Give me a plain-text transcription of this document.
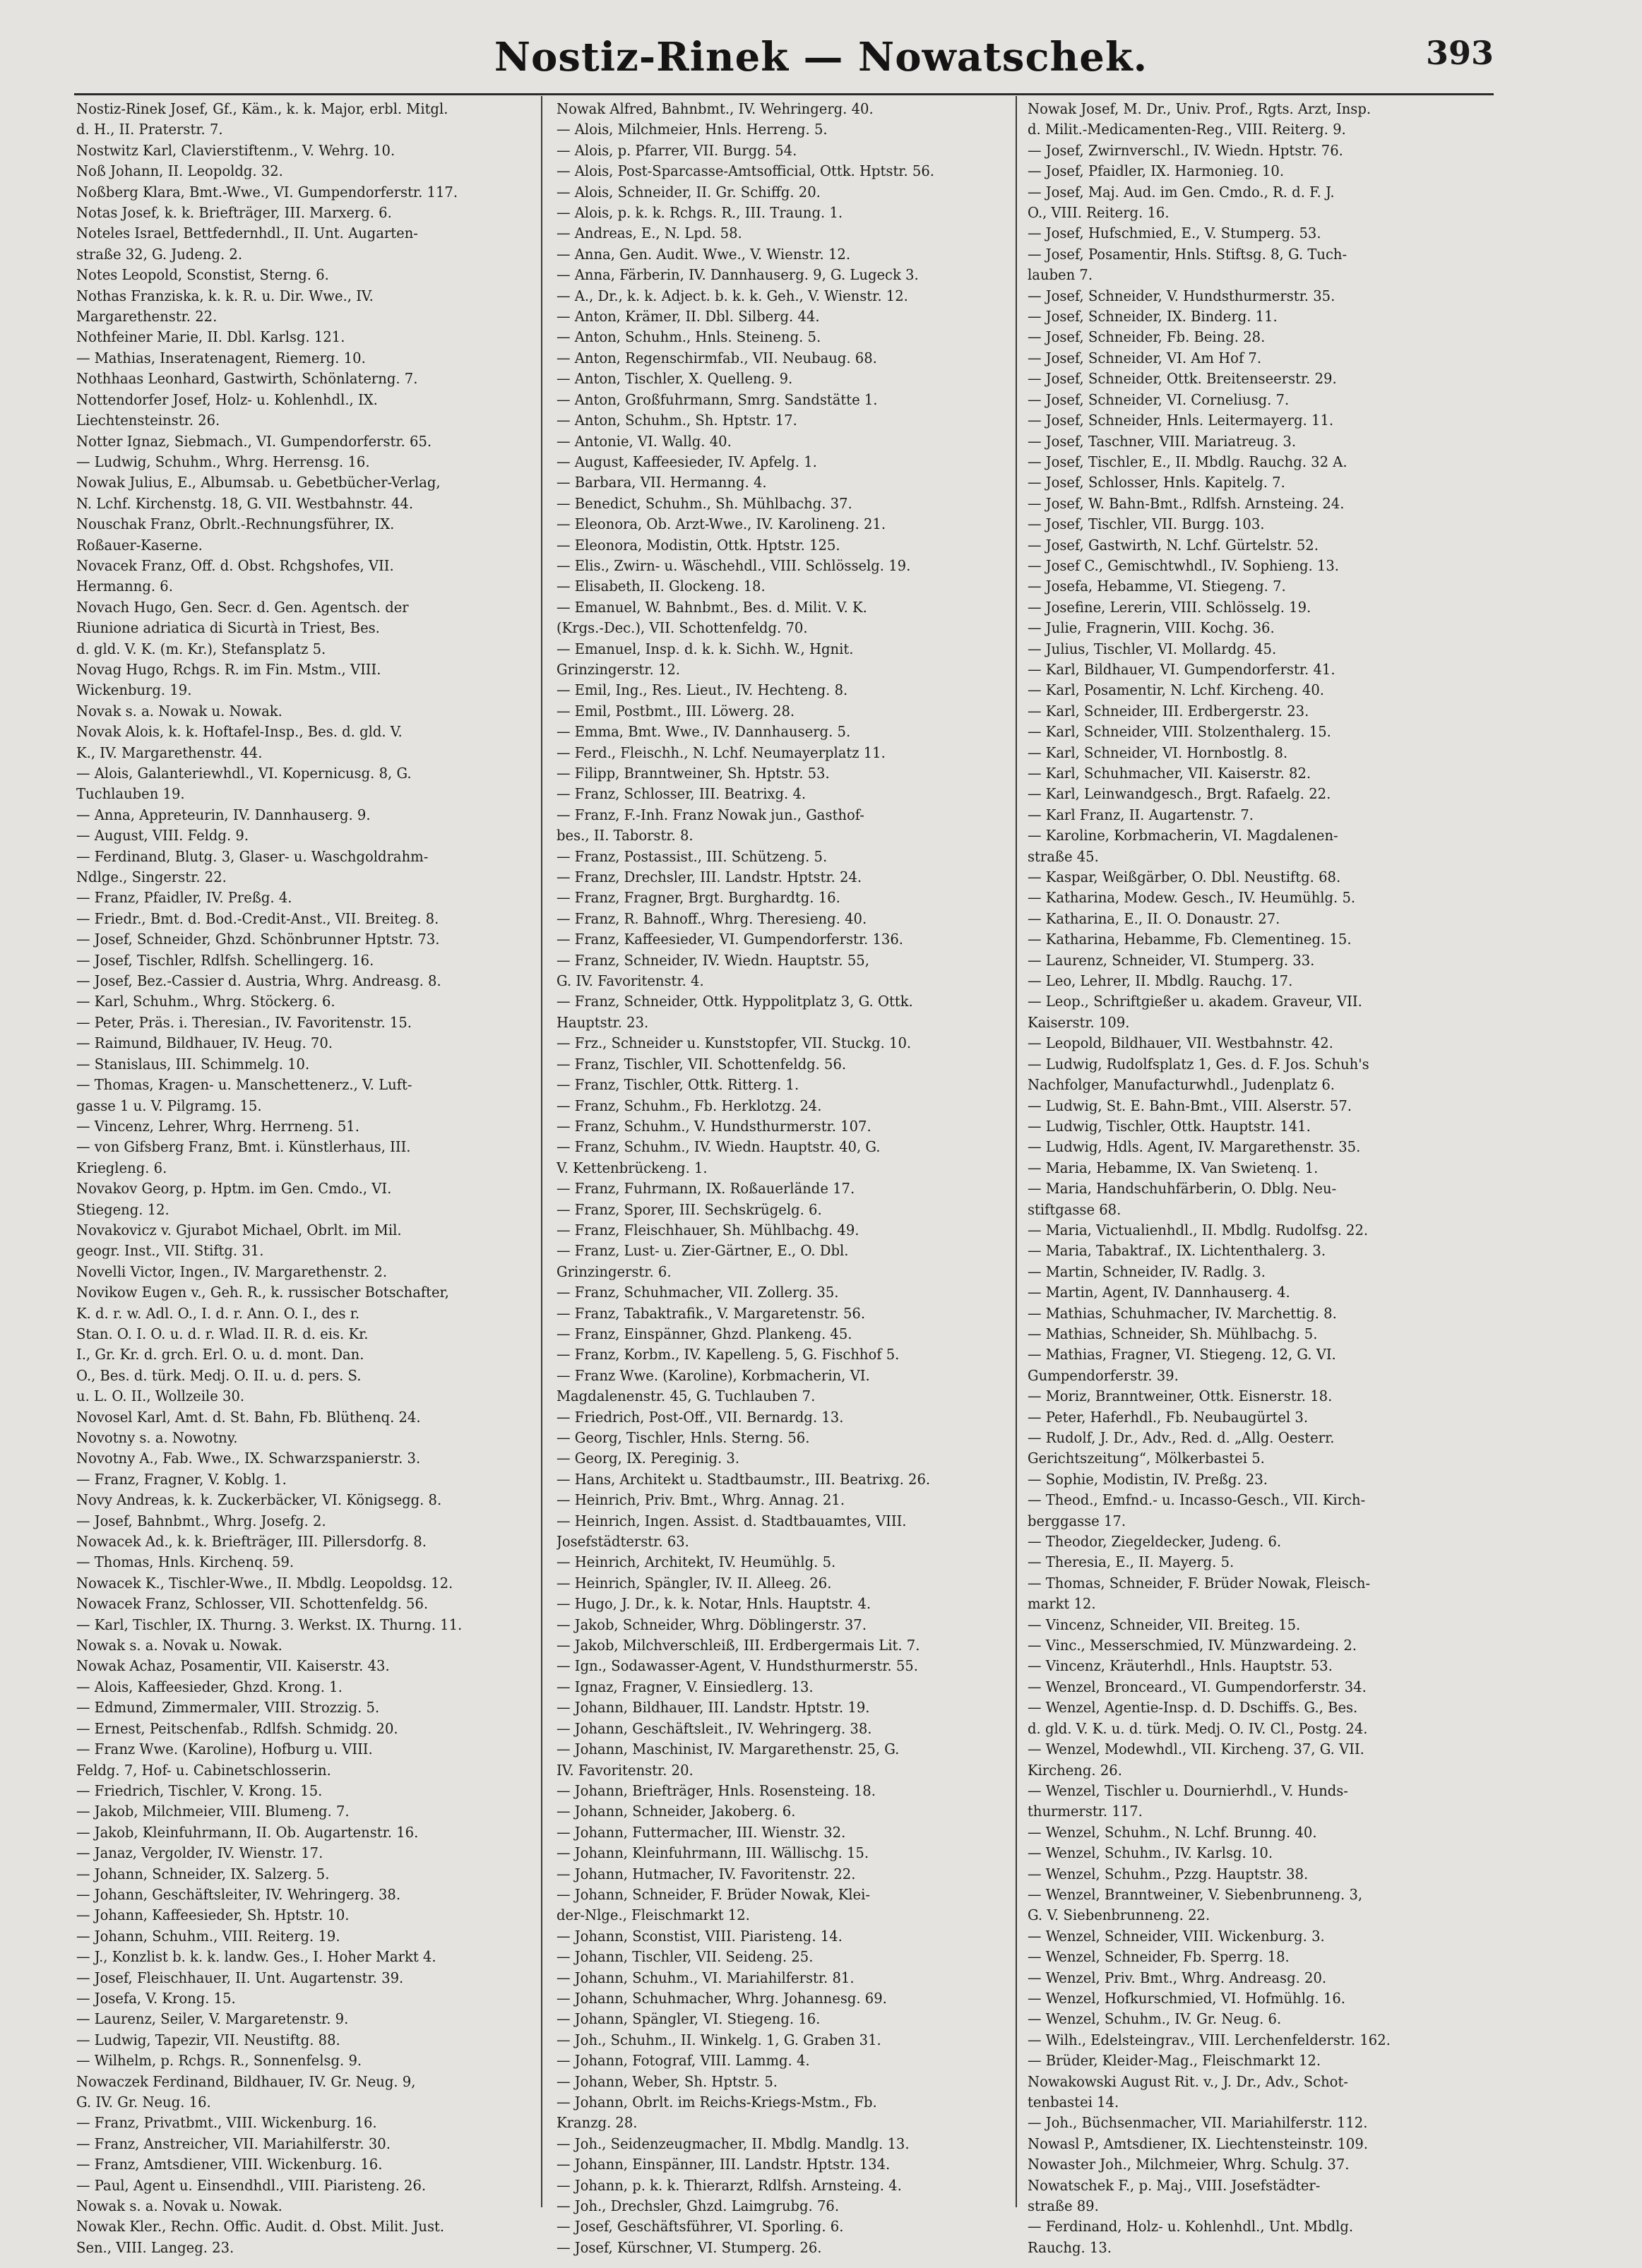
Nostiz-Rinek — Nowatschek.	393
Nostiz-Rinek Josef, Gf., Käm., k. k. Major, erbl. Mitgl.
d. H., II. Praterstr. 7.
Nostwitz Karl, Clavierstiftenm., V. Wehrg. 10.
Noß Johann, II. Leopoldg. 32.
Noßberg Klara, Bmt.-Wwe., VI. Gumpendorferstr. 117.
Notas Josef, k. k. Briefträger, III. Marxerg. 6.
Noteles Israel, Bettfedernhdl., II. Unt. Augarten-
straße 32, G. Judeng. 2.
Notes Leopold, Sconstist, Sterng. 6.
Nothas Franziska, k. k. R. u. Dir. Wwe., IV.
Margarethenstr. 22.
Nothfeiner Marie, II. Dbl. Karlsg. 121.
— Mathias, Inseratenagent, Riemerg. 10.
Nothhaas Leonhard, Gastwirth, Schönlaterng. 7.
Nottendorfer Josef, Holz- u. Kohlenhdl., IX.
Liechtensteinstr. 26.
Notter Ignaz, Siebmach., VI. Gumpendorferstr. 65.
— Ludwig, Schuhm., Whrg. Herrensg. 16.
Nowak Julius, E., Albumsab. u. Gebetbücher-Verlag,
N. Lchf. Kirchenstg. 18, G. VII. Westbahnstr. 44.
Nouschak Franz, Obrlt.-Rechnungsführer, IX.
Roßauer-Kaserne.
Novacek Franz, Off. d. Obst. Rchgshofes, VII.
Hermanng. 6.
Novach Hugo, Gen. Secr. d. Gen. Agentsch. der
Riunione adriatica di Sicurtà in Triest, Bes.
d. gld. V. K. (m. Kr.), Stefansplatz 5.
Novag Hugo, Rchgs. R. im Fin. Mstm., VIII.
Wickenburg. 19.
Novak s. a. Nowak u. Nowak.
Novak Alois, k. k. Hoftafel-Insp., Bes. d. gld. V.
K., IV. Margarethenstr. 44.
— Alois, Galanteriewhdl., VI. Kopernicusg. 8, G.
Tuchlauben 19.
— Anna, Appreteurin, IV. Dannhauserg. 9.
— August, VIII. Feldg. 9.
— Ferdinand, Blutg. 3, Glaser- u. Waschgoldrahm-
Ndlge., Singerstr. 22.
— Franz, Pfaidler, IV. Preßg. 4.
— Friedr., Bmt. d. Bod.-Credit-Anst., VII. Breiteg. 8.
— Josef, Schneider, Ghzd. Schönbrunner Hptstr. 73.
— Josef, Tischler, Rdlfsh. Schellingerg. 16.
— Josef, Bez.-Cassier d. Austria, Whrg. Andreasg. 8.
— Karl, Schuhm., Whrg. Stöckerg. 6.
— Peter, Präs. i. Theresian., IV. Favoritenstr. 15.
— Raimund, Bildhauer, IV. Heug. 70.
— Stanislaus, III. Schimmelg. 10.
— Thomas, Kragen- u. Manschettenerz., V. Luft-
gasse 1 u. V. Pilgramg. 15.
— Vincenz, Lehrer, Whrg. Herrneng. 51.
— von Gifsberg Franz, Bmt. i. Künstlerhaus, III.
Kriegleng. 6.
Novakov Georg, p. Hptm. im Gen. Cmdo., VI.
Stiegeng. 12.
Novakovicz v. Gjurabot Michael, Obrlt. im Mil.
geogr. Inst., VII. Stiftg. 31.
Novelli Victor, Ingen., IV. Margarethenstr. 2.
Novikow Eugen v., Geh. R., k. russischer Botschafter,
K. d. r. w. Adl. O., I. d. r. Ann. O. I., des r.
Stan. O. I. O. u. d. r. Wlad. II. R. d. eis. Kr.
I., Gr. Kr. d. grch. Erl. O. u. d. mont. Dan.
O., Bes. d. türk. Medj. O. II. u. d. pers. S.
u. L. O. II., Wollzeile 30.
Novosel Karl, Amt. d. St. Bahn, Fb. Blüthenq. 24.
Novotny s. a. Nowotny.
Novotny A., Fab. Wwe., IX. Schwarzspanierstr. 3.
— Franz, Fragner, V. Koblg. 1.
Novy Andreas, k. k. Zuckerbäcker, VI. Königsegg. 8.
— Josef, Bahnbmt., Whrg. Josefg. 2.
Nowacek Ad., k. k. Briefträger, III. Pillersdorfg. 8.
— Thomas, Hnls. Kirchenq. 59.
Nowacek K., Tischler-Wwe., II. Mbdlg. Leopoldsg. 12.
Nowacek Franz, Schlosser, VII. Schottenfeldg. 56.
— Karl, Tischler, IX. Thurng. 3. Werkst. IX. Thurng. 11.
Nowak s. a. Novak u. Nowak.
Nowak Achaz, Posamentir, VII. Kaiserstr. 43.
— Alois, Kaffeesieder, Ghzd. Krong. 1.
— Edmund, Zimmermaler, VIII. Strozzig. 5.
— Ernest, Peitschenfab., Rdlfsh. Schmidg. 20.
— Franz Wwe. (Karoline), Hofburg u. VIII.
Feldg. 7, Hof- u. Cabinetschlosserin.
— Friedrich, Tischler, V. Krong. 15.
— Jakob, Milchmeier, VIII. Blumeng. 7.
— Jakob, Kleinfuhrmann, II. Ob. Augartenstr. 16.
— Janaz, Vergolder, IV. Wienstr. 17.
— Johann, Schneider, IX. Salzerg. 5.
— Johann, Geschäftsleiter, IV. Wehringerg. 38.
— Johann, Kaffeesieder, Sh. Hptstr. 10.
— Johann, Schuhm., VIII. Reiterg. 19.
— J., Konzlist b. k. k. landw. Ges., I. Hoher Markt 4.
— Josef, Fleischhauer, II. Unt. Augartenstr. 39.
— Josefa, V. Krong. 15.
— Laurenz, Seiler, V. Margaretenstr. 9.
— Ludwig, Tapezir, VII. Neustiftg. 88.
— Wilhelm, p. Rchgs. R., Sonnenfelsg. 9.
Nowaczek Ferdinand, Bildhauer, IV. Gr. Neug. 9,
G. IV. Gr. Neug. 16.
— Franz, Privatbmt., VIII. Wickenburg. 16.
— Franz, Anstreicher, VII. Mariahilferstr. 30.
— Franz, Amtsdiener, VIII. Wickenburg. 16.
— Paul, Agent u. Einsendhdl., VIII. Piaristeng. 26.
Nowak s. a. Novak u. Nowak.
Nowak Kler., Rechn. Offic. Audit. d. Obst. Milit. Just.
Sen., VIII. Langeg. 23.
Nowak Alfred, Bahnbmt., IV. Wehringerg. 40.
— Alois, Milchmeier, Hnls. Herreng. 5.
— Alois, p. Pfarrer, VII. Burgg. 54.
— Alois, Post-Sparcasse-Amtsofficial, Ottk. Hptstr. 56.
— Alois, Schneider, II. Gr. Schiffg. 20.
— Alois, p. k. k. Rchgs. R., III. Traung. 1.
— Andreas, E., N. Lpd. 58.
— Anna, Gen. Audit. Wwe., V. Wienstr. 12.
— Anna, Färberin, IV. Dannhauserg. 9, G. Lugeck 3.
— A., Dr., k. k. Adject. b. k. k. Geh., V. Wienstr. 12.
— Anton, Krämer, II. Dbl. Silberg. 44.
— Anton, Schuhm., Hnls. Steineng. 5.
— Anton, Regenschirmfab., VII. Neubaug. 68.
— Anton, Tischler, X. Quelleng. 9.
— Anton, Großfuhrmann, Smrg. Sandstätte 1.
— Anton, Schuhm., Sh. Hptstr. 17.
— Antonie, VI. Wallg. 40.
— August, Kaffeesieder, IV. Apfelg. 1.
— Barbara, VII. Hermanng. 4.
— Benedict, Schuhm., Sh. Mühlbachg. 37.
— Eleonora, Ob. Arzt-Wwe., IV. Karolineng. 21.
— Eleonora, Modistin, Ottk. Hptstr. 125.
— Elis., Zwirn- u. Wäschehdl., VIII. Schlösselg. 19.
— Elisabeth, II. Glockeng. 18.
— Emanuel, W. Bahnbmt., Bes. d. Milit. V. K.
(Krgs.-Dec.), VII. Schottenfeldg. 70.
— Emanuel, Insp. d. k. k. Sichh. W., Hgnit.
Grinzingerstr. 12.
— Emil, Ing., Res. Lieut., IV. Hechteng. 8.
— Emil, Postbmt., III. Löwerg. 28.
— Emma, Bmt. Wwe., IV. Dannhauserg. 5.
— Ferd., Fleischh., N. Lchf. Neumayerplatz 11.
— Filipp, Branntweiner, Sh. Hptstr. 53.
— Franz, Schlosser, III. Beatrixg. 4.
— Franz, F.-Inh. Franz Nowak jun., Gasthof-
bes., II. Taborstr. 8.
— Franz, Postassist., III. Schützeng. 5.
— Franz, Drechsler, III. Landstr. Hptstr. 24.
— Franz, Fragner, Brgt. Burghardtg. 16.
— Franz, R. Bahnoff., Whrg. Theresieng. 40.
— Franz, Kaffeesieder, VI. Gumpendorferstr. 136.
— Franz, Schneider, IV. Wiedn. Hauptstr. 55,
G. IV. Favoritenstr. 4.
— Franz, Schneider, Ottk. Hyppolitplatz 3, G. Ottk.
Hauptstr. 23.
— Frz., Schneider u. Kunststopfer, VII. Stuckg. 10.
— Franz, Tischler, VII. Schottenfeldg. 56.
— Franz, Tischler, Ottk. Ritterg. 1.
— Franz, Schuhm., Fb. Herklotzg. 24.
— Franz, Schuhm., V. Hundsthurmerstr. 107.
— Franz, Schuhm., IV. Wiedn. Hauptstr. 40, G.
V. Kettenbrückeng. 1.
— Franz, Fuhrmann, IX. Roßauerlände 17.
— Franz, Sporer, III. Sechskrügelg. 6.
— Franz, Fleischhauer, Sh. Mühlbachg. 49.
— Franz, Lust- u. Zier-Gärtner, E., O. Dbl.
Grinzingerstr. 6.
— Franz, Schuhmacher, VII. Zollerg. 35.
— Franz, Tabaktrafik., V. Margaretenstr. 56.
— Franz, Einspänner, Ghzd. Plankeng. 45.
— Franz, Korbm., IV. Kapelleng. 5, G. Fischhof 5.
— Franz Wwe. (Karoline), Korbmacherin, VI.
Magdalenenstr. 45, G. Tuchlauben 7.
— Friedrich, Post-Off., VII. Bernardg. 13.
— Georg, Tischler, Hnls. Sterng. 56.
— Georg, IX. Pereginig. 3.
— Hans, Architekt u. Stadtbaumstr., III. Beatrixg. 26.
— Heinrich, Priv. Bmt., Whrg. Annag. 21.
— Heinrich, Ingen. Assist. d. Stadtbauamtes, VIII.
Josefstädterstr. 63.
— Heinrich, Architekt, IV. Heumühlg. 5.
— Heinrich, Spängler, IV. II. Alleeg. 26.
— Hugo, J. Dr., k. k. Notar, Hnls. Hauptstr. 4.
— Jakob, Schneider, Whrg. Döblingerstr. 37.
— Jakob, Milchverschleiß, III. Erdbergermais Lit. 7.
— Ign., Sodawasser-Agent, V. Hundsthurmerstr. 55.
— Ignaz, Fragner, V. Einsiedlerg. 13.
— Johann, Bildhauer, III. Landstr. Hptstr. 19.
— Johann, Geschäftsleit., IV. Wehringerg. 38.
— Johann, Maschinist, IV. Margarethenstr. 25, G.
IV. Favoritenstr. 20.
— Johann, Briefträger, Hnls. Rosensteing. 18.
— Johann, Schneider, Jakoberg. 6.
— Johann, Futtermacher, III. Wienstr. 32.
— Johann, Kleinfuhrmann, III. Wällischg. 15.
— Johann, Hutmacher, IV. Favoritenstr. 22.
— Johann, Schneider, F. Brüder Nowak, Klei-
der-Nlge., Fleischmarkt 12.
— Johann, Sconstist, VIII. Piaristeng. 14.
— Johann, Tischler, VII. Seideng. 25.
— Johann, Schuhm., VI. Mariahilferstr. 81.
— Johann, Schuhmacher, Whrg. Johannesg. 69.
— Johann, Spängler, VI. Stiegeng. 16.
— Joh., Schuhm., II. Winkelg. 1, G. Graben 31.
— Johann, Fotograf, VIII. Lammg. 4.
— Johann, Weber, Sh. Hptstr. 5.
— Johann, Obrlt. im Reichs-Kriegs-Mstm., Fb.
Kranzg. 28.
— Joh., Seidenzeugmacher, II. Mbdlg. Mandlg. 13.
— Johann, Einspänner, III. Landstr. Hptstr. 134.
— Johann, p. k. k. Thierarzt, Rdlfsh. Arnsteing. 4.
— Joh., Drechsler, Ghzd. Laimgrubg. 76.
— Josef, Geschäftsführer, VI. Sporling. 6.
— Josef, Kürschner, VI. Stumperg. 26.
Nowak Josef, M. Dr., Univ. Prof., Rgts. Arzt, Insp.
d. Milit.-Medicamenten-Reg., VIII. Reiterg. 9.
— Josef, Zwirnverschl., IV. Wiedn. Hptstr. 76.
— Josef, Pfaidler, IX. Harmonieg. 10.
— Josef, Maj. Aud. im Gen. Cmdo., R. d. F. J.
O., VIII. Reiterg. 16.
— Josef, Hufschmied, E., V. Stumperg. 53.
— Josef, Posamentir, Hnls. Stiftsg. 8, G. Tuch-
lauben 7.
— Josef, Schneider, V. Hundsthurmerstr. 35.
— Josef, Schneider, IX. Binderg. 11.
— Josef, Schneider, Fb. Being. 28.
— Josef, Schneider, VI. Am Hof 7.
— Josef, Schneider, Ottk. Breitenseerstr. 29.
— Josef, Schneider, VI. Corneliusg. 7.
— Josef, Schneider, Hnls. Leitermayerg. 11.
— Josef, Taschner, VIII. Mariatreug. 3.
— Josef, Tischler, E., II. Mbdlg. Rauchg. 32 A.
— Josef, Schlosser, Hnls. Kapitelg. 7.
— Josef, W. Bahn-Bmt., Rdlfsh. Arnsteing. 24.
— Josef, Tischler, VII. Burgg. 103.
— Josef, Gastwirth, N. Lchf. Gürtelstr. 52.
— Josef C., Gemischtwhdl., IV. Sophieng. 13.
— Josefa, Hebamme, VI. Stiegeng. 7.
— Josefine, Lererin, VIII. Schlösselg. 19.
— Julie, Fragnerin, VIII. Kochg. 36.
— Julius, Tischler, VI. Mollardg. 45.
— Karl, Bildhauer, VI. Gumpendorferstr. 41.
— Karl, Posamentir, N. Lchf. Kircheng. 40.
— Karl, Schneider, III. Erdbergerstr. 23.
— Karl, Schneider, VIII. Stolzenthalerg. 15.
— Karl, Schneider, VI. Hornbostlg. 8.
— Karl, Schuhmacher, VII. Kaiserstr. 82.
— Karl, Leinwandgesch., Brgt. Rafaelg. 22.
— Karl Franz, II. Augartenstr. 7.
— Karoline, Korbmacherin, VI. Magdalenen-
straße 45.
— Kaspar, Weißgärber, O. Dbl. Neustiftg. 68.
— Katharina, Modew. Gesch., IV. Heumühlg. 5.
— Katharina, E., II. O. Donaustr. 27.
— Katharina, Hebamme, Fb. Clementineg. 15.
— Laurenz, Schneider, VI. Stumperg. 33.
— Leo, Lehrer, II. Mbdlg. Rauchg. 17.
— Leop., Schriftgießer u. akadem. Graveur, VII.
Kaiserstr. 109.
— Leopold, Bildhauer, VII. Westbahnstr. 42.
— Ludwig, Rudolfsplatz 1, Ges. d. F. Jos. Schuh's
Nachfolger, Manufacturwhdl., Judenplatz 6.
— Ludwig, St. E. Bahn-Bmt., VIII. Alserstr. 57.
— Ludwig, Tischler, Ottk. Hauptstr. 141.
— Ludwig, Hdls. Agent, IV. Margarethenstr. 35.
— Maria, Hebamme, IX. Van Swietenq. 1.
— Maria, Handschuhfärberin, O. Dblg. Neu-
stiftgasse 68.
— Maria, Victualienhdl., II. Mbdlg. Rudolfsg. 22.
— Maria, Tabaktraf., IX. Lichtenthalerg. 3.
— Martin, Schneider, IV. Radlg. 3.
— Martin, Agent, IV. Dannhauserg. 4.
— Mathias, Schuhmacher, IV. Marchettig. 8.
— Mathias, Schneider, Sh. Mühlbachg. 5.
— Mathias, Fragner, VI. Stiegeng. 12, G. VI.
Gumpendorferstr. 39.
— Moriz, Branntweiner, Ottk. Eisnerstr. 18.
— Peter, Haferhdl., Fb. Neubaugürtel 3.
— Rudolf, J. Dr., Adv., Red. d. „Allg. Oesterr.
Gerichtszeitung“, Mölkerbastei 5.
— Sophie, Modistin, IV. Preßg. 23.
— Theod., Emfnd.- u. Incasso-Gesch., VII. Kirch-
berggasse 17.
— Theodor, Ziegeldecker, Judeng. 6.
— Theresia, E., II. Mayerg. 5.
— Thomas, Schneider, F. Brüder Nowak, Fleisch-
markt 12.
— Vincenz, Schneider, VII. Breiteg. 15.
— Vinc., Messerschmied, IV. Münzwardeing. 2.
— Vincenz, Kräuterhdl., Hnls. Hauptstr. 53.
— Wenzel, Bronceard., VI. Gumpendorferstr. 34.
— Wenzel, Agentie-Insp. d. D. Dschiffs. G., Bes.
d. gld. V. K. u. d. türk. Medj. O. IV. Cl., Postg. 24.
— Wenzel, Modewhdl., VII. Kircheng. 37, G. VII.
Kircheng. 26.
— Wenzel, Tischler u. Dournierhdl., V. Hunds-
thurmerstr. 117.
— Wenzel, Schuhm., N. Lchf. Brunng. 40.
— Wenzel, Schuhm., IV. Karlsg. 10.
— Wenzel, Schuhm., Pzzg. Hauptstr. 38.
— Wenzel, Branntweiner, V. Siebenbrunneng. 3,
G. V. Siebenbrunneng. 22.
— Wenzel, Schneider, VIII. Wickenburg. 3.
— Wenzel, Schneider, Fb. Sperrg. 18.
— Wenzel, Priv. Bmt., Whrg. Andreasg. 20.
— Wenzel, Hofkurschmied, VI. Hofmühlg. 16.
— Wenzel, Schuhm., IV. Gr. Neug. 6.
— Wilh., Edelsteingrav., VIII. Lerchenfelderstr. 162.
— Brüder, Kleider-Mag., Fleischmarkt 12.
Nowakowski August Rit. v., J. Dr., Adv., Schot-
tenbastei 14.
— Joh., Büchsenmacher, VII. Mariahilferstr. 112.
Nowasl P., Amtsdiener, IX. Liechtensteinstr. 109.
Nowaster Joh., Milchmeier, Whrg. Schulg. 37.
Nowatschek F., p. Maj., VIII. Josefstädter-
straße 89.
— Ferdinand, Holz- u. Kohlenhdl., Unt. Mbdlg.
Rauchg. 13.
